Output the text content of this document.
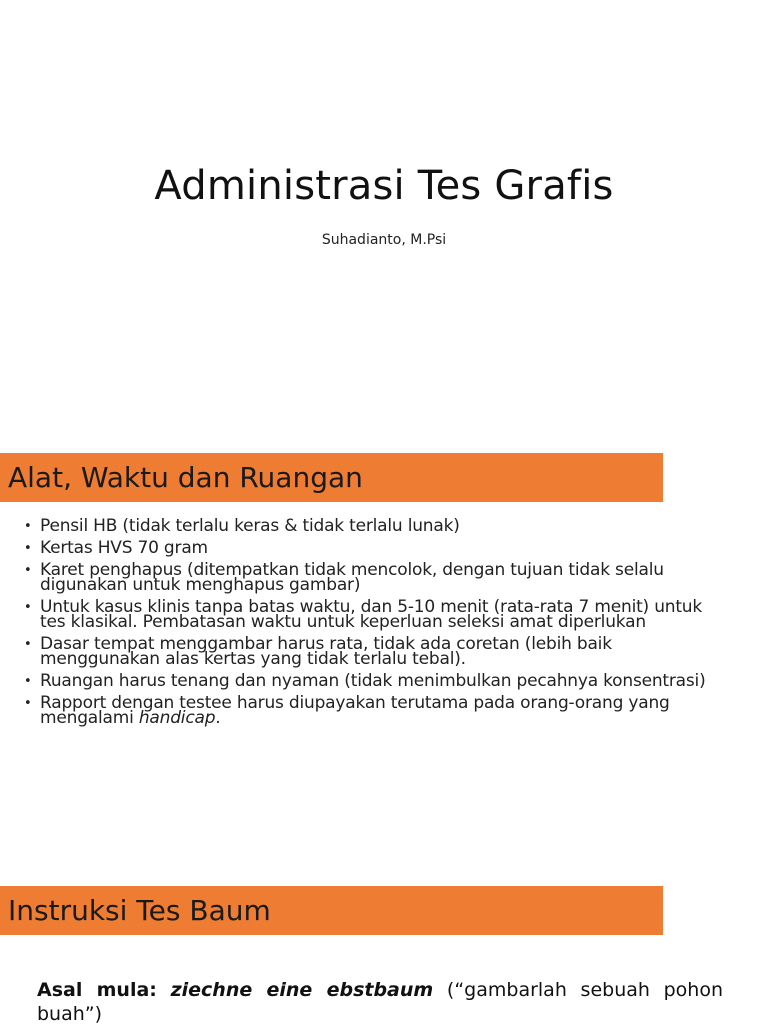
Administrasi Tes Grafis

Suhadianto, M.Psi

Alat, Waktu dan Ruangan
• Pensil HB (tidak terlalu keras & tidak terlalu lunak)
• Kertas HVS 70 gram
• Karet penghapus (ditempatkan tidak mencolok, dengan tujuan tidak selalu digunakan untuk menghapus gambar)
• Untuk kasus klinis tanpa batas waktu, dan 5-10 menit (rata-rata 7 menit) untuk tes klasikal. Pembatasan waktu untuk keperluan seleksi amat diperlukan
• Dasar tempat menggambar harus rata, tidak ada coretan (lebih baik menggunakan alas kertas yang tidak terlalu tebal).
• Ruangan harus tenang dan nyaman (tidak menimbulkan pecahnya konsentrasi)
• Rapport dengan testee harus diupayakan terutama pada orang-orang yang mengalami handicap.
Instruksi Tes Baum

Asal mula: ziechne eine ebstbaum (“gambarlah sebuah pohon buah”)
